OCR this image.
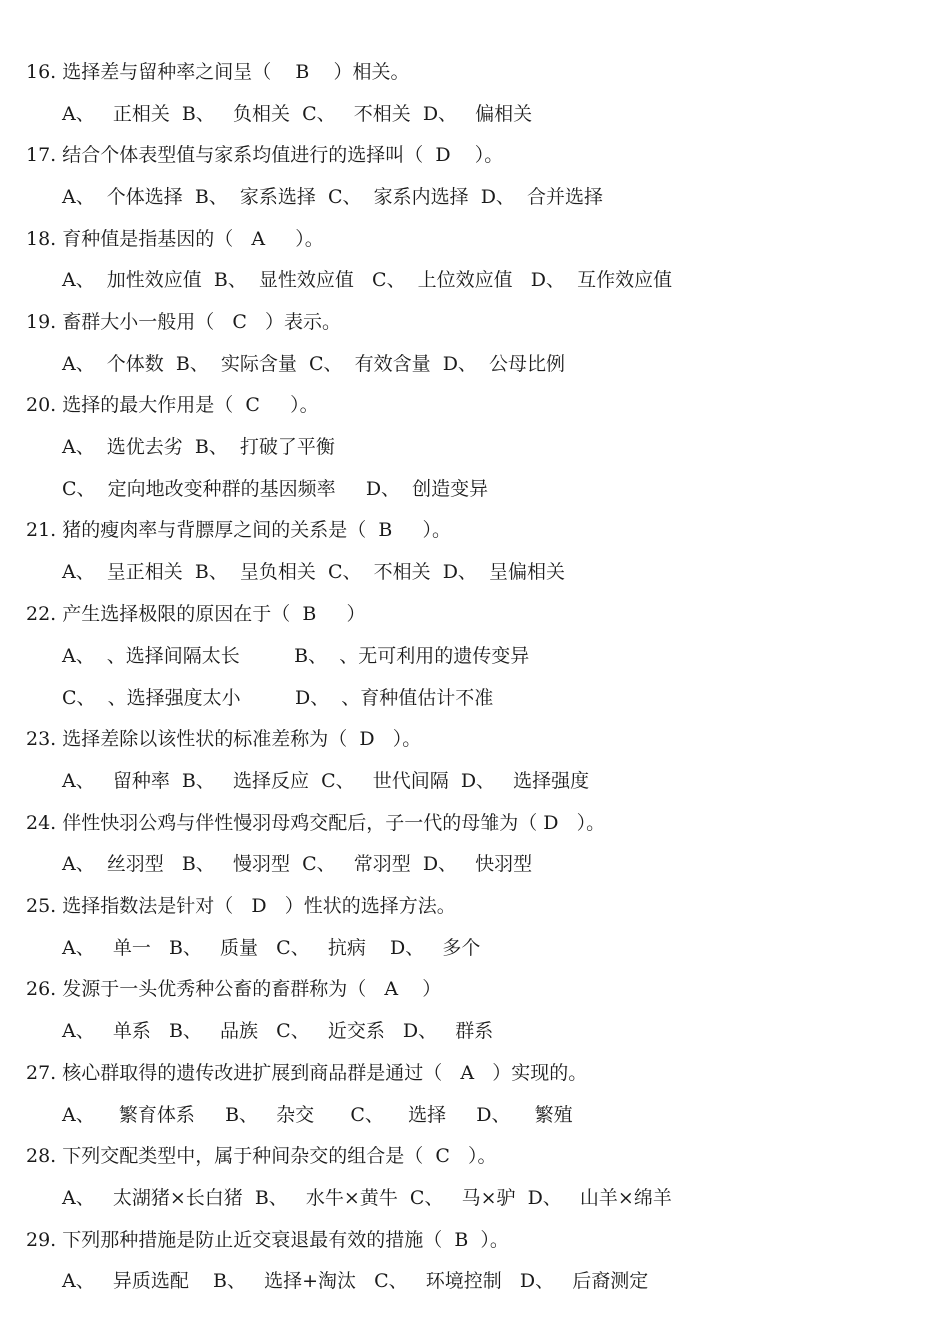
16. 选择差与留种率之间呈（    B    ）相关。
A、   正相关  B、   负相关  C、   不相关  D、   偏相关
17. 结合个体表型值与家系均值进行的选择叫（  D    ）。
A、  个体选择  B、  家系选择  C、  家系内选择  D、  合并选择
18. 育种值是指基因的（   A     ）。
A、  加性效应值  B、  显性效应值   C、  上位效应值   D、  互作效应值
19. 畜群大小一般用（   C   ）表示。
A、  个体数  B、  实际含量  C、  有效含量  D、  公母比例
20. 选择的最大作用是（  C     ）。
A、  选优去劣  B、  打破了平衡
C、  定向地改变种群的基因频率     D、  创造变异
21. 猪的瘦肉率与背膘厚之间的关系是（  B     ）。
A、  呈正相关  B、  呈负相关  C、  不相关  D、  呈偏相关
22. 产生选择极限的原因在于（  B     ）
A、  、选择间隔太长         B、  、无可利用的遗传变异
C、  、选择强度太小         D、  、育种值估计不准
23. 选择差除以该性状的标准差称为（  D   ）。
A、   留种率  B、   选择反应  C、   世代间隔  D、   选择强度
24. 伴性快羽公鸡与伴性慢羽母鸡交配后，子一代的母雏为（ D   ）。
A、  丝羽型   B、   慢羽型  C、   常羽型  D、   快羽型
25. 选择指数法是针对（   D   ）性状的选择方法。
A、   单一   B、   质量   C、   抗病    D、   多个
26. 发源于一头优秀种公畜的畜群称为（   A    ）
A、   单系   B、   品族   C、   近交系   D、   群系
27. 核心群取得的遗传改进扩展到商品群是通过（   A   ）实现的。
A、    繁育体系     B、   杂交      C、    选择     D、    繁殖
28. 下列交配类型中，属于种间杂交的组合是（  C   ）。
A、   太湖猪×长白猪  B、   水牛×黄牛  C、   马×驴  D、   山羊×绵羊
29. 下列那种措施是防止近交衰退最有效的措施（  B  ）。
A、   异质选配    B、   选择+淘汰   C、   环境控制   D、   后裔测定
